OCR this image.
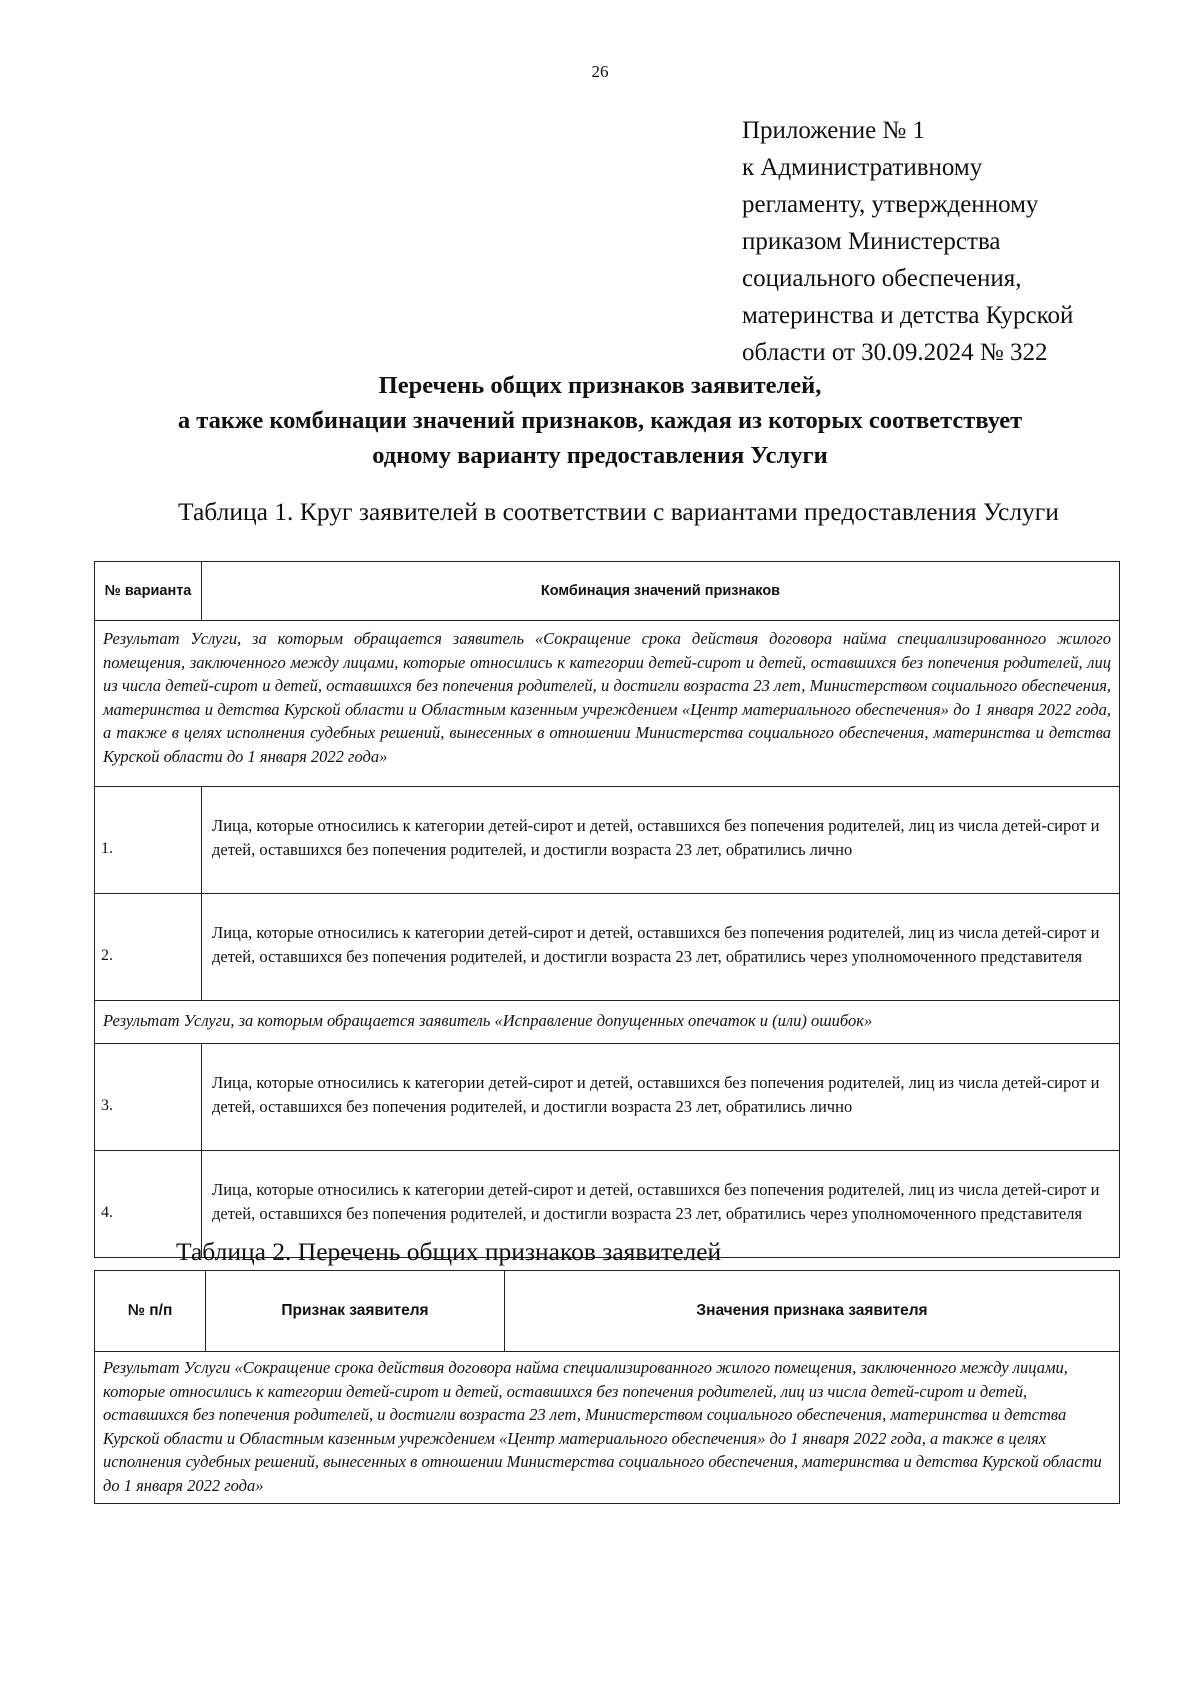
26
Приложение № 1
к Административному
регламенту, утвержденному
приказом Министерства
социального обеспечения,
материнства и детства Курской
области от 30.09.2024 № 322
Перечень общих признаков заявителей,
а также комбинации значений признаков, каждая из которых соответствует
одному варианту предоставления Услуги
Таблица 1. Круг заявителей в соответствии с вариантами предоставления Услуги
№ варианта	Комбинация значений признаков
Результат Услуги, за которым обращается заявитель «Сокращение срока действия договора найма специализированного жилого помещения, заключенного между лицами, которые относились к категории детей-сирот и детей, оставшихся без попечения родителей, лиц из числа детей-сирот и детей, оставшихся без попечения родителей, и достигли возраста 23 лет, Министерством социального обеспечения, материнства и детства Курской области и Областным казенным учреждением «Центр материального обеспечения» до 1 января 2022 года, а также в целях исполнения судебных решений, вынесенных в отношении Министерства социального обеспечения, материнства и детства Курской области до 1 января 2022 года»	
1.	Лица, которые относились к категории детей-сирот и детей, оставшихся без попечения родителей, лиц из числа детей-сирот и детей, оставшихся без попечения родителей, и достигли возраста 23 лет, обратились лично
2.	Лица, которые относились к категории детей-сирот и детей, оставшихся без попечения родителей, лиц из числа детей-сирот и детей, оставшихся без попечения родителей, и достигли возраста 23 лет, обратились через уполномоченного представителя
Результат Услуги, за которым обращается заявитель «Исправление допущенных опечаток и (или) ошибок»	
3.	Лица, которые относились к категории детей-сирот и детей, оставшихся без попечения родителей, лиц из числа детей-сирот и детей, оставшихся без попечения родителей, и достигли возраста 23 лет, обратились лично
4.	Лица, которые относились к категории детей-сирот и детей, оставшихся без попечения родителей, лиц из числа детей-сирот и детей, оставшихся без попечения родителей, и достигли возраста 23 лет, обратились через уполномоченного представителя
Таблица 2. Перечень общих признаков заявителей
№ п/п	Признак заявителя	Значения признака заявителя
Результат Услуги «Сокращение срока действия договора найма специализированного жилого помещения, заключенного между лицами, которые относились к категории детей-сирот и детей, оставшихся без попечения родителей, лиц из числа детей-сирот и детей, оставшихся без попечения родителей, и достигли возраста 23 лет, Министерством социального обеспечения, материнства и детства Курской области и Областным казенным учреждением «Центр материального обеспечения» до 1 января 2022 года, а также в целях исполнения судебных решений, вынесенных в отношении Министерства социального обеспечения, материнства и детства Курской области до 1 января 2022 года»
